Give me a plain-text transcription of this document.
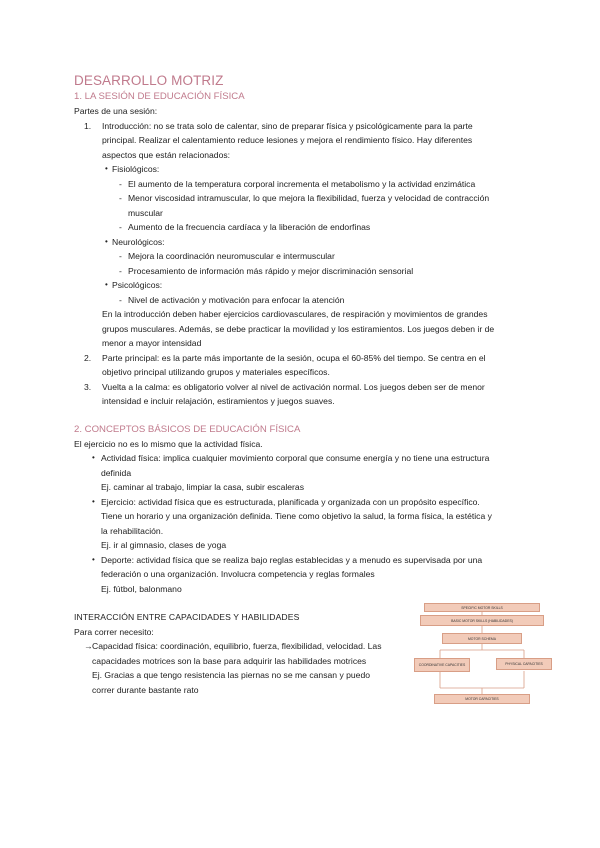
DESARROLLO MOTRIZ
1. LA SESIÓN DE EDUCACIÓN FÍSICA

Partes de una sesión:

1. Introducción: no se trata solo de calentar, sino de preparar física y psicológicamente para la parte

principal. Realizar el calentamiento reduce lesiones y mejora el rendimiento físico. Hay diferentes

aspectos que están relacionados:

• Fisiológicos:

- El aumento de la temperatura corporal incrementa el metabolismo y la actividad enzimática

- Menor viscosidad intramuscular, lo que mejora la flexibilidad, fuerza y velocidad de contracción

muscular

- Aumento de la frecuencia cardíaca y la liberación de endorfinas

• Neurológicos:

- Mejora la coordinación neuromuscular e intermuscular

- Procesamiento de información más rápido y mejor discriminación sensorial

• Psicológicos:

- Nivel de activación y motivación para enfocar la atención

En la introducción deben haber ejercicios cardiovasculares, de respiración y movimientos de grandes

grupos musculares. Además, se debe practicar la movilidad y los estiramientos. Los juegos deben ir de

menor a mayor intensidad

2. Parte principal: es la parte más importante de la sesión, ocupa el 60-85% del tiempo. Se centra en el

objetivo principal utilizando grupos y materiales específicos.

3. Vuelta a la calma: es obligatorio volver al nivel de activación normal. Los juegos deben ser de menor

intensidad e incluir relajación, estiramientos y juegos suaves.

2. CONCEPTOS BÁSICOS DE EDUCACIÓN FÍSICA

El ejercicio no es lo mismo que la actividad física.

• Actividad física: implica cualquier movimiento corporal que consume energía y no tiene una estructura

definida

Ej. caminar al trabajo, limpiar la casa, subir escaleras

• Ejercicio: actividad física que es estructurada, planificada y organizada con un propósito específico.

Tiene un horario y una organización definida. Tiene como objetivo la salud, la forma física, la estética y

la rehabilitación.

Ej. ir al gimnasio, clases de yoga

• Deporte: actividad física que se realiza bajo reglas establecidas y a menudo es supervisada por una

federación o una organización. Involucra competencia y reglas formales

Ej. fútbol, balonmano

INTERACCIÓN ENTRE CAPACIDADES Y HABILIDADES

Para correr necesito:

→ Capacidad física: coordinación, equilibrio, fuerza, flexibilidad, velocidad. Las

capacidades motrices son la base para adquirir las habilidades motrices

Ej. Gracias a que tengo resistencia las piernas no se me cansan y puedo

correr durante bastante rato

SPECIFIC MOTOR SKILLS
BASIC MOTOR SKILLS (HABILIDADES)
MOTOR SCHEMA
COORDINATIVE CAPACITIES	PHYSICAL CAPACITIES
MOTOR CAPACITIES
